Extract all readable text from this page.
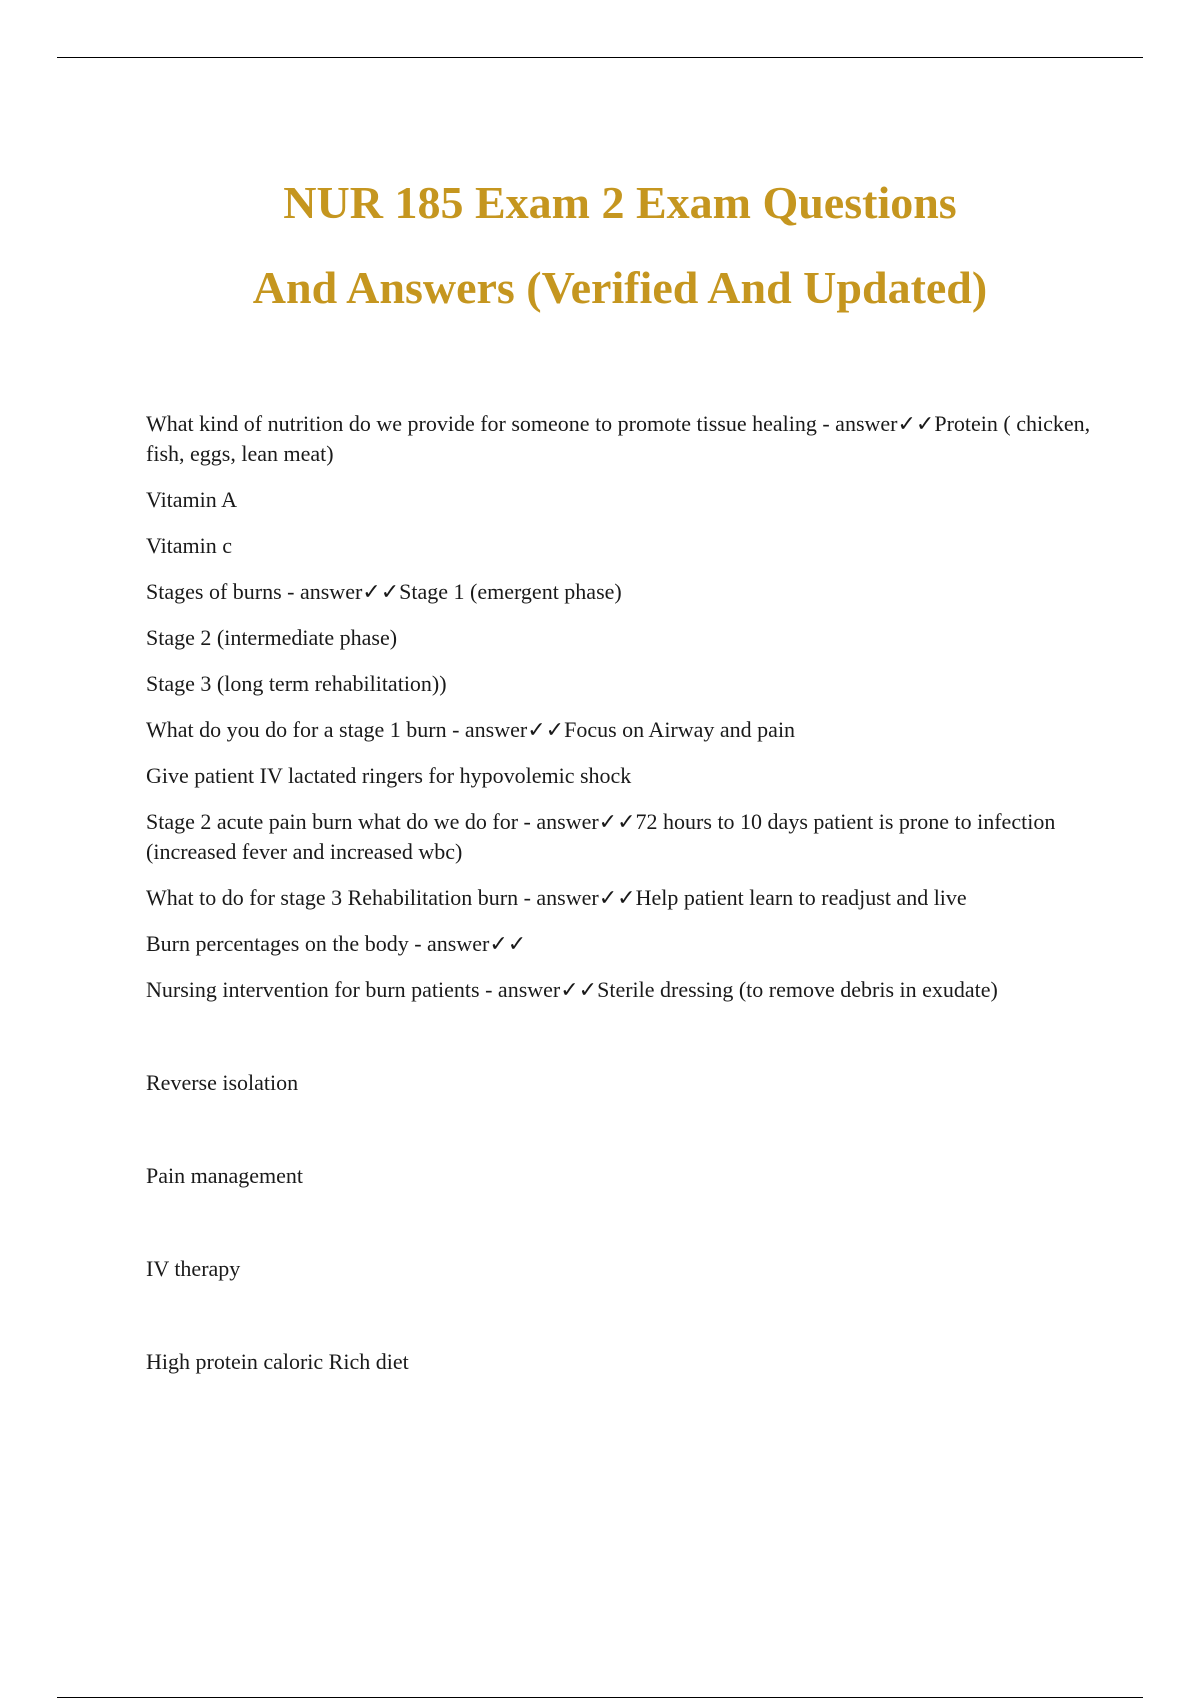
NUR 185 Exam 2 Exam Questions
And Answers (Verified And Updated)

What kind of nutrition do we provide for someone to promote tissue healing - answer✓✓Protein ( chicken, fish, eggs, lean meat)

Vitamin A

Vitamin c

Stages of burns - answer✓✓Stage 1 (emergent phase)

Stage 2 (intermediate phase)

Stage 3 (long term rehabilitation))

What do you do for a stage 1 burn - answer✓✓Focus on Airway and pain

Give patient IV lactated ringers for hypovolemic shock

Stage 2 acute pain burn what do we do for - answer✓✓72 hours to 10 days patient is prone to infection (increased fever and increased wbc)

What to do for stage 3 Rehabilitation burn - answer✓✓Help patient learn to readjust and live

Burn percentages on the body - answer✓✓

Nursing intervention for burn patients - answer✓✓Sterile dressing (to remove debris in exudate)

Reverse isolation

Pain management

IV therapy

High protein caloric Rich diet
